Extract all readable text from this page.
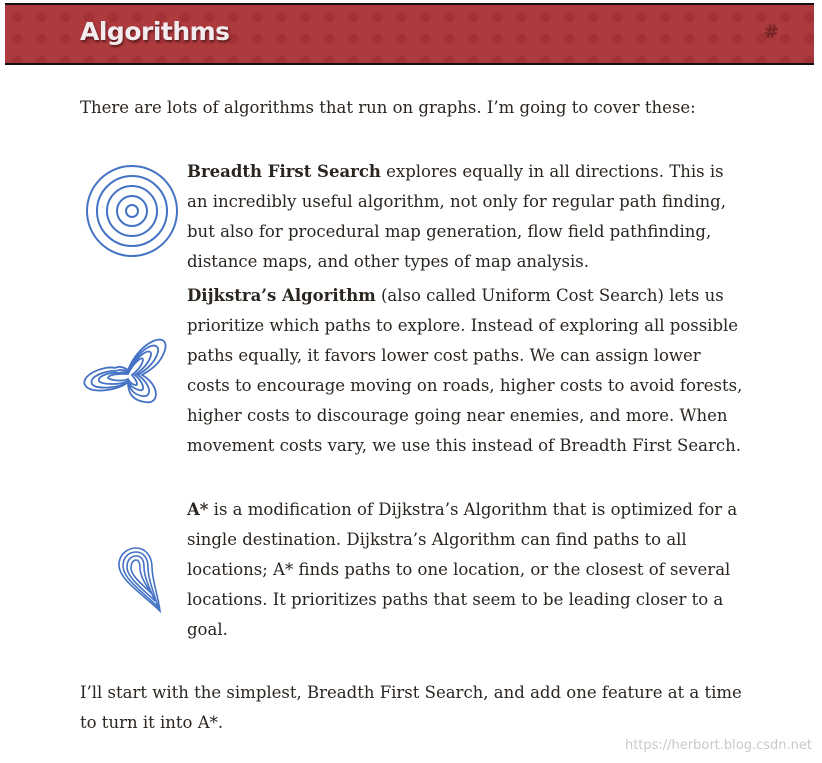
Algorithms	#

There are lots of algorithms that run on graphs. I’m going to cover these:

Breadth First Search explores equally in all directions. This is an incredibly useful algorithm, not only for regular path finding, but also for procedural map generation, flow field pathfinding, distance maps, and other types of map analysis.

Dijkstra’s Algorithm (also called Uniform Cost Search) lets us prioritize which paths to explore. Instead of exploring all possible paths equally, it favors lower cost paths. We can assign lower costs to encourage moving on roads, higher costs to avoid forests, higher costs to discourage going near enemies, and more. When movement costs vary, we use this instead of Breadth First Search.

A* is a modification of Dijkstra’s Algorithm that is optimized for a single destination. Dijkstra’s Algorithm can find paths to all locations; A* finds paths to one location, or the closest of several locations. It prioritizes paths that seem to be leading closer to a goal.

I’ll start with the simplest, Breadth First Search, and add one feature at a time to turn it into A*.

https://herbort.blog.csdn.net
